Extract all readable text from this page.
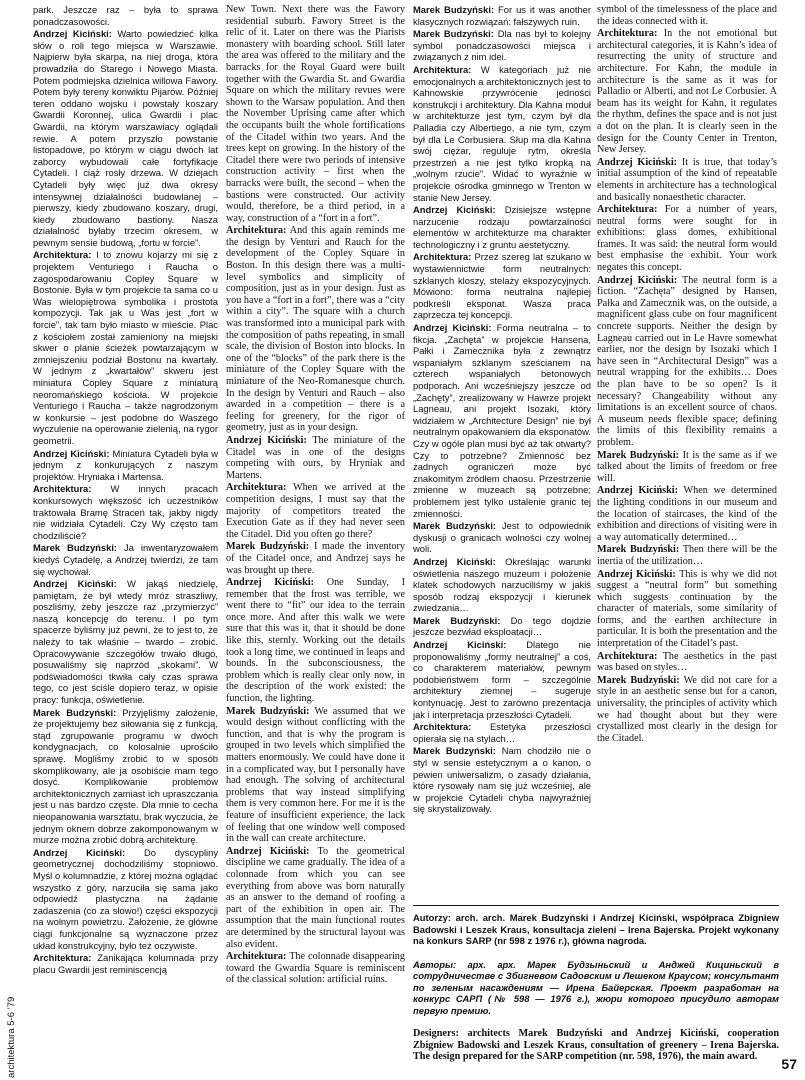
park. Jeszcze raz – była to sprawa ponadczasowości.

Andrzej Kiciński: Warto powiedzieć kilka słów o roli tego miejsca w Warszawie. Najpierw była skarpa, na niej droga, która prowadziła do Starego i Nowego Miasta. Potem podmiejska dzielnica willowa Fawory. Potem były tereny konwiktu Pijarów. Później teren oddano wojsku i powstały koszary Gwardii Koronnej, ulica Gwardii i plac Gwardii, na którym warszawiacy oglądali rewie. A potem przyszło powstanie listopadowe, po którym w ciągu dwóch lat zaborcy wybudowali całe fortyfikacje Cytadeli. I ciąż rosły drzewa. W dziejach Cytadeli były więc już dwa okresy intensywnej działalności budowlanej – pierwszy, kiedy zbudowano koszary, drugi, kiedy zbudowano bastiony. Nasza działalność byłaby trzecim okresem, w pewnym sensie budową, „fortu w forcie”.

Architektura: I to znowu kojarzy mi się z projektem Venturiego i Raucha o zagospodarowaniu Copley Square w Bostonie. Była w tym projekcie ta sama co u Was wielopiętrowa symbolika i prostota kompozycji. Tak jak u Was jest „fort w forcie”, tak tam było miasto w mieście. Plac z kościołem został zamieniony na miejski skwer o planie ścieżek powtarzającym w zmniejszeniu podział Bostonu na kwartały. W jednym z „kwartałów” skweru jest miniatura Copley Square z miniaturą neoromańskiego kościoła. W projekcie Venturiego i Raucha – także nagrodzonym w konkursie – jest podobne do Waszego wyczulenie na operowanie zielenią, na rygor geometrii.

Andrzej Kiciński: Miniatura Cytadeli była w jednym z konkurujących z naszym projektów. Hryniaka i Martensa.

Architektura: W innych pracach konkursowych większość ich uczestników traktowała Bramę Straceń tak, jakby nigdy nie widziała Cytadeli. Czy Wy często tam chodziliście?

Marek Budzyński: Ja inwentaryzowałem kiedyś Cytadelę, a Andrzej twierdzi, że tam się wychował.

Andrzej Kiciński: W jakąś niedzielę, pamiętam, że był wtedy mróz straszliwy, poszliśmy, żeby jeszcze raz „przymierzyć” naszą koncepcję do terenu. I po tym spacerze byliśmy już pewni, że to jest to, że należy to tak właśnie – twardo – zrobić. Opracowywanie szczegółów trwało długo, posuwaliśmy się naprzód „skokami”. W podświadomości tkwiła cały czas sprawa tego, co jest ściśle dopiero teraz, w opisie pracy: funkcja, oświetlenie.

Marek Budzyński: Przyjęliśmy założenie, że projektujemy bez siłowania się z funkcją, stąd zgrupowanie programu w dwóch kondygnacjach, co kolosalnie uprościło sprawę. Mogliśmy zrobić to w sposób skomplikowany, ale ja osobiście mam tego dosyć. Komplikowanie problemów architektonicznych zamiast ich upraszczania jest u nas bardzo częste. Dla mnie to cecha nieopanowania warsztatu, brak wyczucia, że jednym oknem dobrze zakomponowanym w murze można zrobić dobrą architekturę.

Andrzej Kiciński: Do dyscypliny geometrycznej dochodziliśmy stopniowo. Myśl o kolumnadzie, z której można oglądać wszystko z góry, narzuciła się sama jako odpowiedź plastyczna na żądanie zadaszenia (co za słowo!) części ekspozycji na wolnym powietrzu. Założenie, że główne ciągi funkcjonalne są wyznaczone przez układ konstrukcyjny, było też oczywiste.

Architektura: Zanikająca kolumnada przy placu Gwardii jest reminiscencją

New Town. Next there was the Fawory residential suburb. Fawory Street is the relic of it. Later on there was the Piarists monastery with boarding school. Still later the area was offered to the military and the barracks for the Royal Guard were built together with the Gwardia St. and Gwardia Square on which the military revues were shown to the Warsaw population. And then the November Uprising came after which the occupants built the whole fortifications of the Citadel within two years. And the trees kept on growing. In the history of the Citadel there were two periods of intensive construction activity – first when the barracks were built, the second – when the bastions were constructed. Our activity would, therefore, be a third period, in a way, construction of a “fort in a fort”.

Architektura: And this again reminds me the design by Venturi and Rauch for the development of the Copley Square in Boston. In this design there was a multi-level symbolics and simplicity of composition, just as in your design. Just as you have a “fort in a fort”, there was a “city within a city”. The square with a church was transformed into a municipal park with the composition of paths repeating, in small scale, the division of Boston into blocks. In one of the “blocks” of the park there is the miniature of the Copley Square with the miniature of the Neo-Romanesque church. In the design by Venturi and Rauch – also awarded in a competition – there is a feeling for greenery, for the rigor of geometry, just as in your design.

Andrzej Kiciński: The miniature of the Citadel was in one of the designs competing with ours, by Hryniak and Martens.

Architektura: When we arrived at the competition designs, I must say that the majority of competitors treated the Execution Gate as if they had never seen the Citadel. Did you often go there?

Marek Budzyński: I made the inventory of the Citadel once, and Andrzej says he was brought up there.

Andrzej Kiciński: One Sunday, I remember that the frost was terrible, we went there to “fit” our idea to the terrain once more. And after this walk we were sure that this was it, that it should be done like this, sternly. Working out the details took a long time, we continued in leaps and bounds. In the subconsciousness, the problem which is really clear only now, in the description of the work existed: the function, the lighting.

Marek Budzyński: We assumed that we would design without conflicting with the function, and that is why the program is grouped in two levels which simplified the matters enormously. We could have done it in a complicated way, but I personally have had enough. The solving of architectural problems that way instead simplifying them is very common here. For me it is the feature of insufficient experience, the lack of feeling that one window well composed in the wall can create architecture.

Andrzej Kiciński: To the geometrical discipline we came gradually. The idea of a colonnade from which you can see everything from above was born naturally as an answer to the demand of roofing a part of the exhibition in open air. The assumption that the main functional routes are determined by the structural layout was also evident.

Architektura: The colonnade disappearing toward the Gwardia Square is reminiscent of the classical solution: artificial ruins.

Marek Budzyński: For us it was another klasycznych rozwiązań: fałszywych ruin.

Marek Budzyński: Dla nas był to kolejny symbol ponadczasowości miejsca i związanych z nim idei.

Architektura: W kategoriach już nie emocjonalnych a architektonicznych jest to Kahnowskie przywrócenie jedności konstrukcji i architektury. Dla Kahna moduł w architekturze jest tym, czym był dla Palladia czy Albertiego, a nie tym, czym był dla Le Corbusiera. Słup ma dla Kahna swój ciężar, reguluje rytm, określa przestrzeń a nie jest tylko kropką na „wolnym rzucie”. Widać to wyraźnie w projekcie ośrodka gminnego w Trenton w stanie New Jersey.

Andrzej Kiciński: Dzisiejsze wstępne narzucenie rodzaju powtarzalności elementów w architekturze ma charakter technologiczny i z gruntu aestetyczny.

Architektura: Przez szereg lat szukano w wystawiennictwie form neutralnych: szklanych kloszy, stelaży ekspozycyjnych. Mówiono: forma neutralna najlepiej podkreśli eksponat. Wasza praca zaprzecza tej koncepcji.

Andrzej Kiciński: Forma neutralna – to fikcja. „Zachęta” w projekcie Hansena, Pałki i Zamecznika była z zewnątrz wspaniałym szklanym sześcianem na czterech wspaniałych betonowych podporach. Ani wcześniejszy jeszcze od „Zachęty”, zrealizowany w Hawrze projekt Lagneau, ani projekt Isozaki, który widziałem w „Architecture Design” nie był neutralnym opakowaniem dla eksponatów. Czy w ogóle plan musi być aż tak otwarty? Czy to potrzebne? Zmienność bez żadnych ograniczeń może być znakomitym źródłem chaosu. Przestrzenie zmienne w muzeach są potrzebne; problemem jest tylko ustalenie granic tej zmienności.

Marek Budzyński: Jest to odpowiednik dyskusji o granicach wolności czy wolnej woli.

Andrzej Kiciński: Określając warunki oświetlenia naszego muzeum i położenie klatek schodowych narzuciliśmy w jakiś sposób rodzaj ekspozycji i kierunek zwiedzania…

Marek Budzyński: Do tego dojdzie jeszcze bezwład eksploatacji…

Andrzej Kiciński: Dlatego nie proponowaliśmy „formy neutralnej” a coś, co charakterem materiałów, pewnym podobieństwem form – szczególnie architektury ziemnej – sugeruje kontynuację. Jest to zarówno prezentacja jak i interpretacja przeszłości Cytadeli.

Architektura: Estetyka przeszłości opierała się na stylach…

Marek Budzyński: Nam chodziło nie o styl w sensie estetycznym a o kanon, o pewien uniwersalizm, o zasady działania, które rysowały nam się już wcześniej, ale w projekcie Cytadeli chyba najwyraźniej się skrystalizowały.

symbol of the timelessness of the place and the ideas connected with it.

Architektura: In the not emotional but architectural categories, it is Kahn’s idea of resurrecting the unity of structure and architecture. For Kahn, the module in architecture is the same as it was for Palladio or Alberti, and not Le Corbusier. A beam has its weight for Kahn, it regulates the rhythm, defines the space and is not just a dot on the plan. It is clearly seen in the design for the County Center in Trenton, New Jersey.

Andrzej Kiciński: It is true, that today’s initial assumption of the kind of repeatable elements in architecture has a technological and basically nonaesthetic character.

Architektura: For a number of years, neutral forms were sought for in exhibitions: glass domes, exhibitional frames. It was said: the neutral form would best emphasise the exhibit. Your work negates this concept.

Andrzej Kiciński: The neutral form is a fiction. “Zachęta” designed by Hansen, Pałka and Zamecznik was, on the outside, a magnificent glass cube on four magnificent concrete supports. Neither the design by Lagneau carried out in Le Havre somewhat earlier, nor the design by Isozaki which I have seen in “Architectural Design” was a neutral wrapping for the exhibits… Does the plan have to be so open? Is it necessary? Changeability without any limitations is an excellent source of chaos. A museum needs flexible space; defining the limits of this flexibility remains a problem.

Marek Budzyński: It is the same as if we talked about the limits of freedom or free will.

Andrzej Kiciński: When we determined the lighting conditions in our museum and the location of staircases, the kind of the exhibition and directions of visiting were in a way automatically determined…

Marek Budzyński: Then there will be the inertia of the utilization…

Andrzej Kiciński: This is why we did not suggest a “neutral form” but something which suggests continuation by the character of materials, some similarity of forms, and the earthen architecture in particular. It is both the presentation and the interpretation of the Citadel’s past.

Architektura: The aesthetics in the past was based on styles…

Marek Budzyński: We did not care for a style in an aesthetic sense but for a canon, universality, the principles of activity which we had thought about but they were crystallized most clearly in the design for the Citadel.

Autorzy: arch. arch. Marek Budzyński i Andrzej Kiciński, współpraca Zbigniew Badowski i Leszek Kraus, konsultacja zieleni – Irena Bajerska. Projekt wykonany na konkurs SARP (nr 598 z 1976 r.), główna nagroda.

Авторы: арх. арх. Марек Будзыньский и Анджей Кициньский в сотрудничестве с Збигневом Садовским и Лешеком Краусом; консультант по зеленым насаждениям — Ирена Байерская. Проект разработан на конкурс САРП (№ 598 — 1976 г.), жюри которого присудило авторам первую премию.

Designers: architects Marek Budzyński and Andrzej Kiciński, cooperation Zbigniew Badowski and Leszek Kraus, consultation of greenery – Irena Bajerska. The design prepared for the SARP competition (nr. 598, 1976), the main award.

architektura 5-6 ’79	57
